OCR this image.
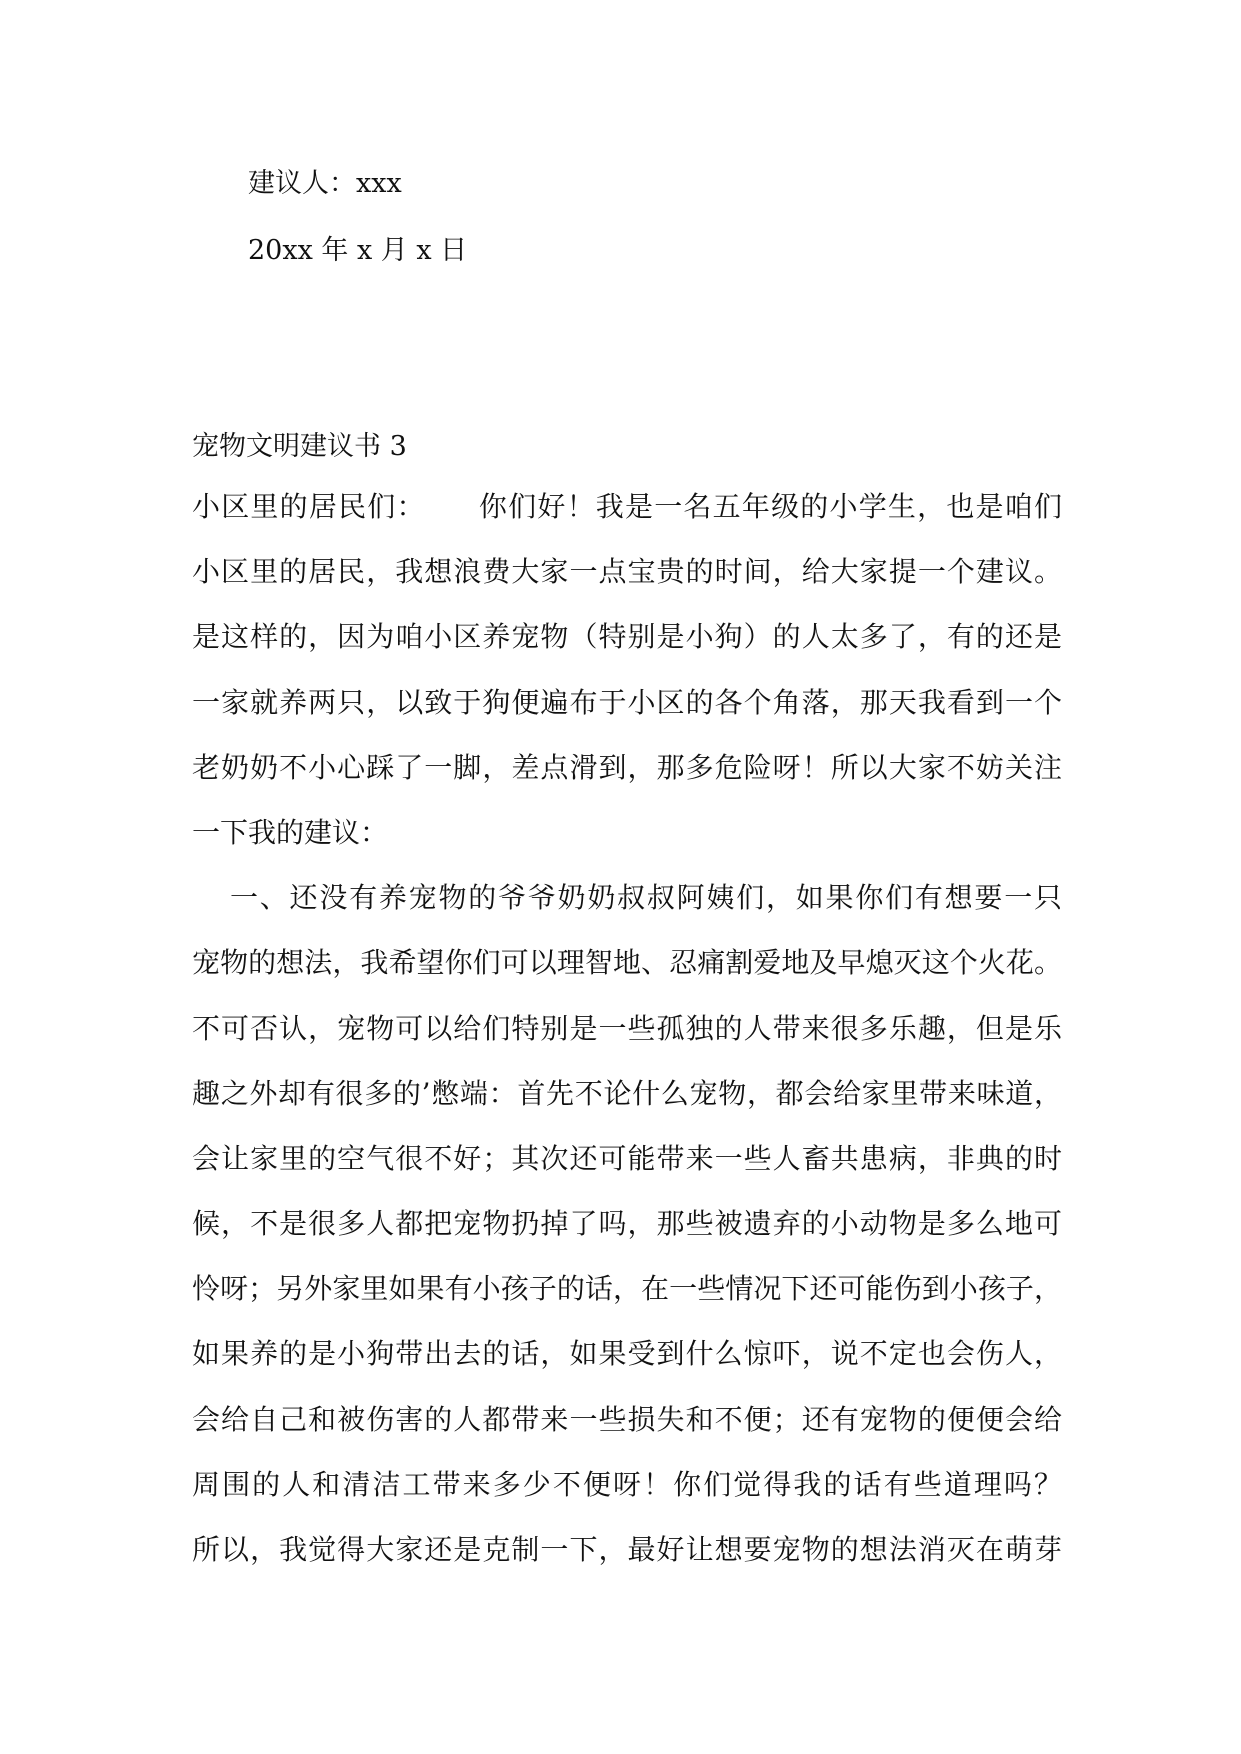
建议人：xxx
20xx 年 x 月 x 日
宠物文明建议书 3
小区里的居民们： 你们好！我是一名五年级的小学生，也是咱们
小区里的居民，我想浪费大家一点宝贵的时间，给大家提一个建议。
是这样的，因为咱小区养宠物（特别是小狗）的人太多了，有的还是
一家就养两只，以致于狗便遍布于小区的各个角落，那天我看到一个
老奶奶不小心踩了一脚，差点滑到，那多危险呀！所以大家不妨关注
一下我的建议：
一、还没有养宠物的爷爷奶奶叔叔阿姨们，如果你们有想要一只
宠物的想法，我希望你们可以理智地、忍痛割爱地及早熄灭这个火花。
不可否认，宠物可以给们特别是一些孤独的人带来很多乐趣，但是乐
趣之外却有很多的’憋端：首先不论什么宠物，都会给家里带来味道，
会让家里的空气很不好；其次还可能带来一些人畜共患病，非典的时
候，不是很多人都把宠物扔掉了吗，那些被遗弃的小动物是多么地可
怜呀；另外家里如果有小孩子的话，在一些情况下还可能伤到小孩子，
如果养的是小狗带出去的话，如果受到什么惊吓，说不定也会伤人，
会给自己和被伤害的人都带来一些损失和不便；还有宠物的便便会给
周围的人和清洁工带来多少不便呀！你们觉得我的话有些道理吗？
所以，我觉得大家还是克制一下，最好让想要宠物的想法消灭在萌芽
